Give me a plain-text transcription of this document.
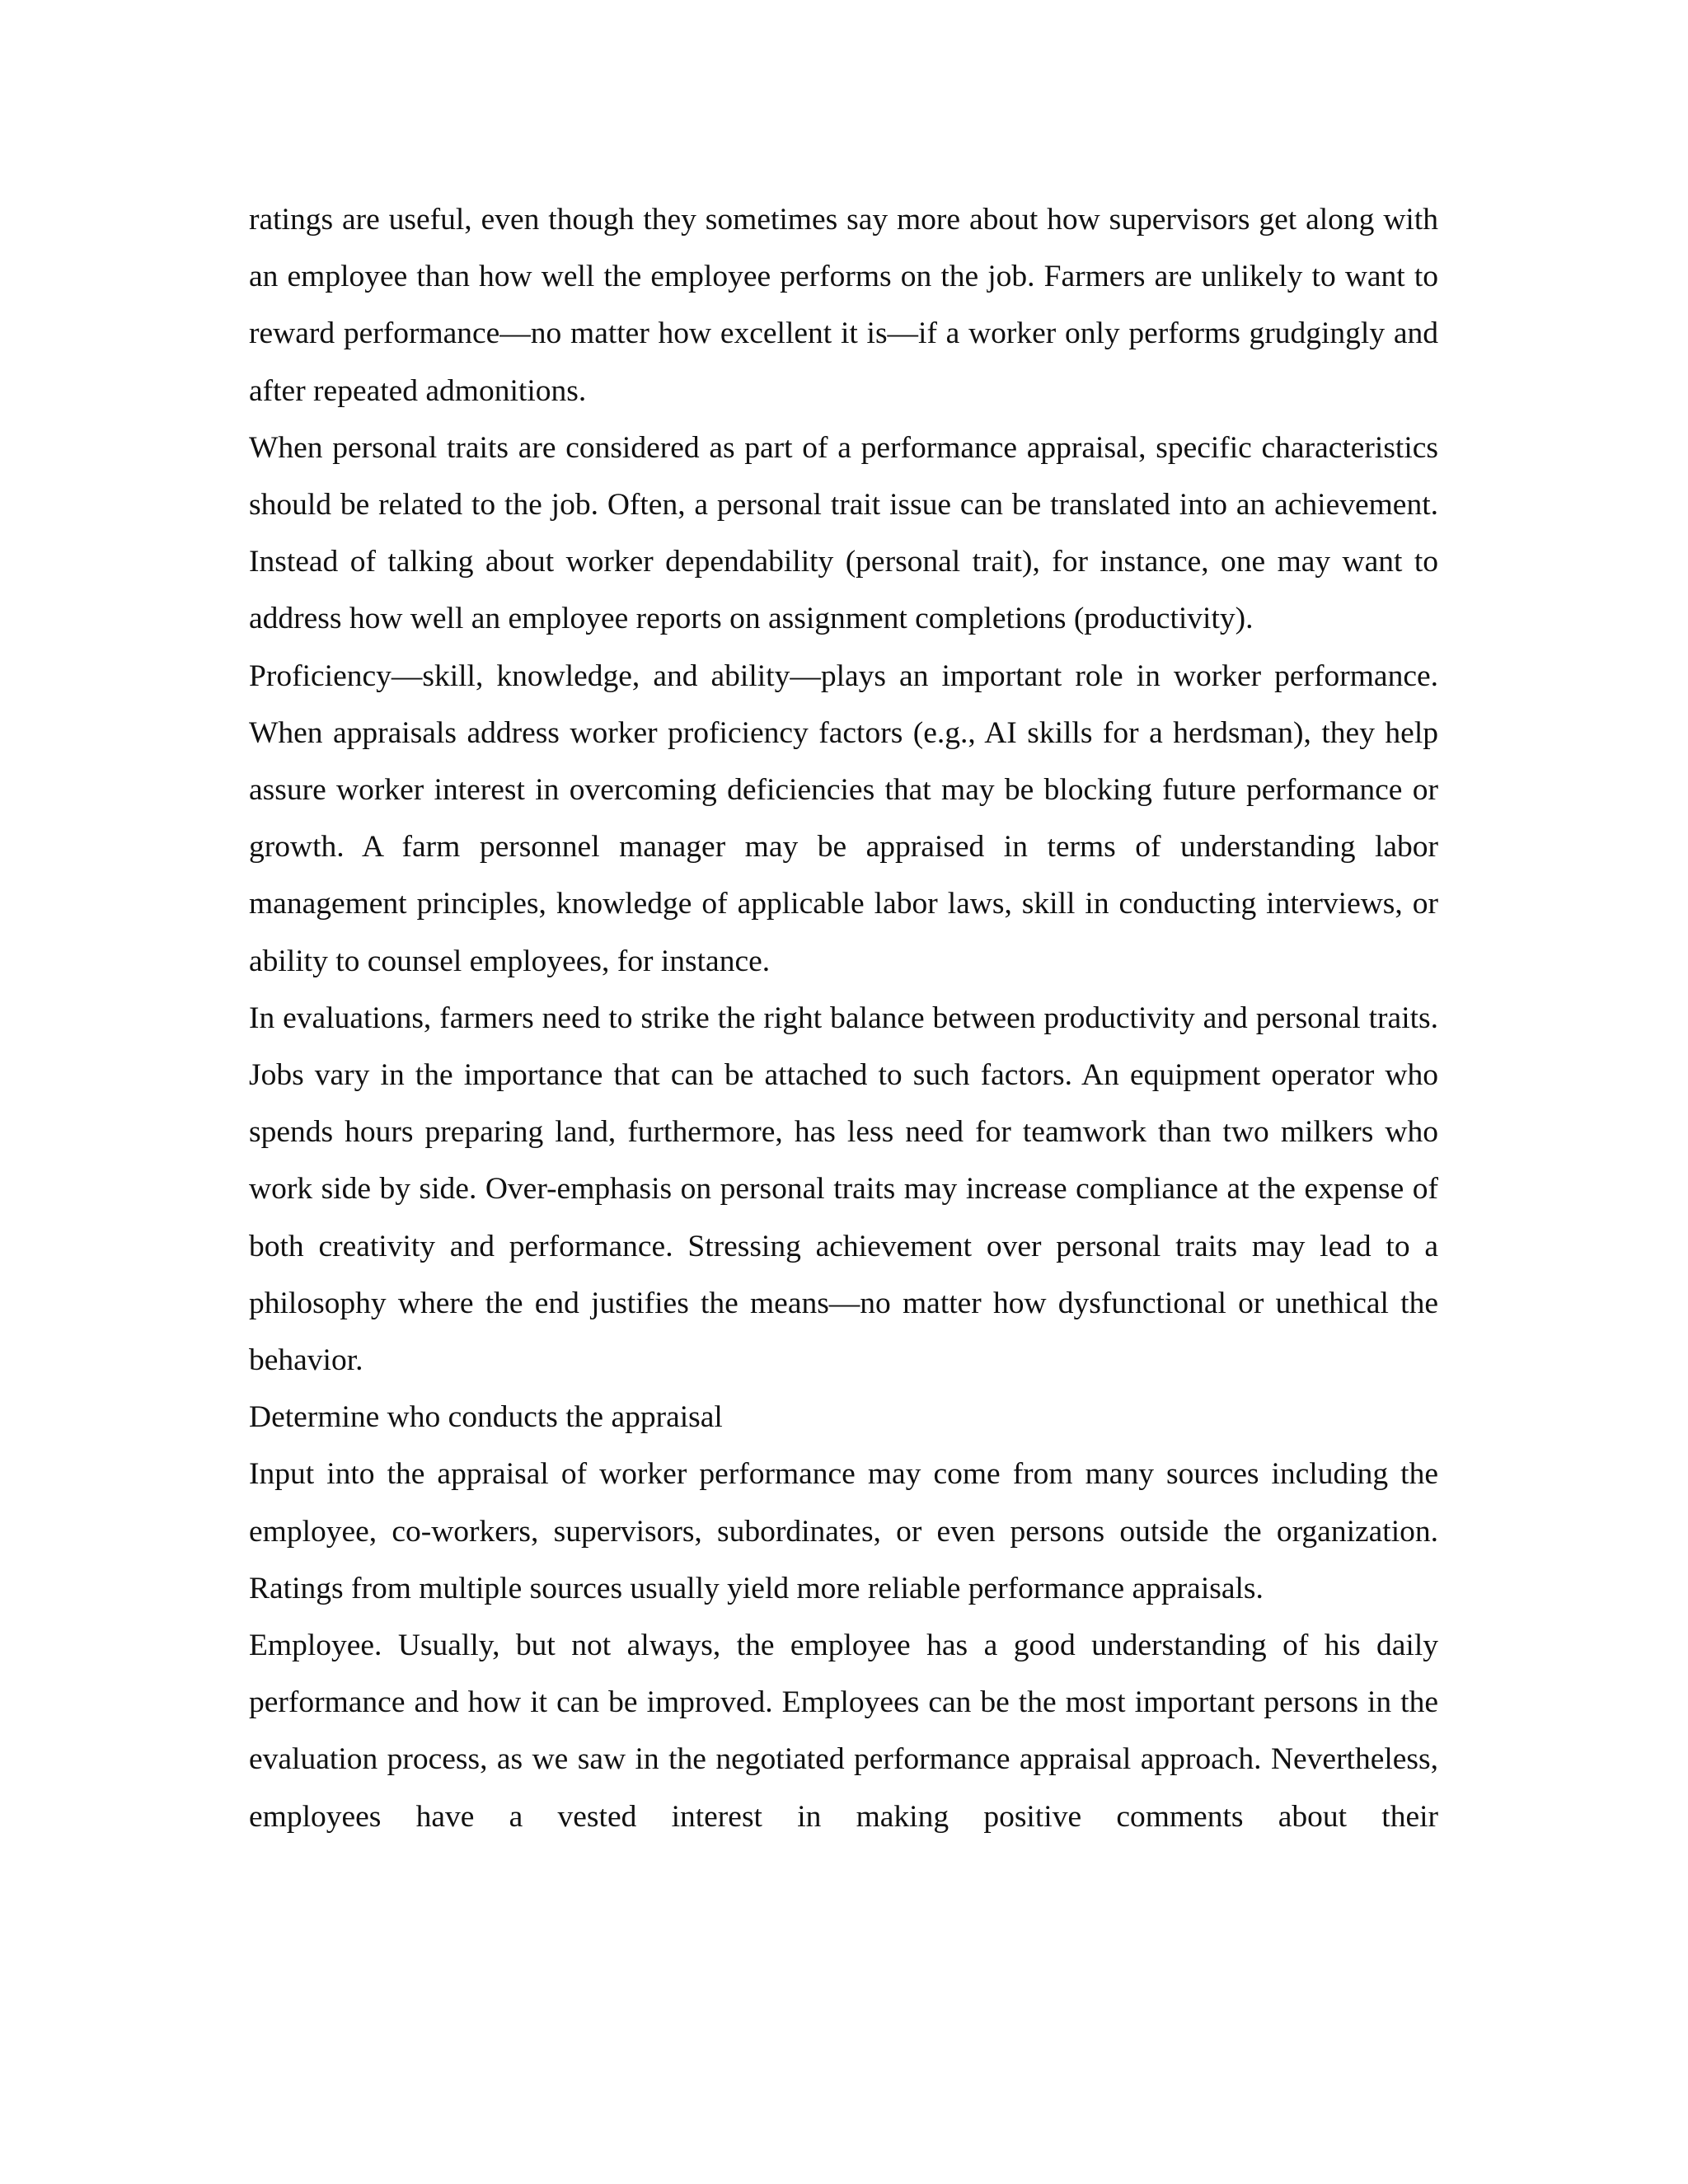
ratings are useful, even though they sometimes say more about how supervisors get along with an employee than how well the employee performs on the job. Farmers are unlikely to want to reward performance—no matter how excellent it is—if a worker only performs grudgingly and after repeated admonitions.

When personal traits are considered as part of a performance appraisal, specific characteristics should be related to the job. Often, a personal trait issue can be translated into an achievement. Instead of talking about worker dependability (personal trait), for instance, one may want to address how well an employee reports on assignment completions (productivity).

Proficiency—skill, knowledge, and ability—plays an important role in worker performance. When appraisals address worker proficiency factors (e.g., AI skills for a herdsman), they help assure worker interest in overcoming deficiencies that may be blocking future performance or growth. A farm personnel manager may be appraised in terms of understanding labor management principles, knowledge of applicable labor laws, skill in conducting interviews, or ability to counsel employees, for instance.

In evaluations, farmers need to strike the right balance between productivity and personal traits. Jobs vary in the importance that can be attached to such factors. An equipment operator who spends hours preparing land, furthermore, has less need for teamwork than two milkers who work side by side. Over-emphasis on personal traits may increase compliance at the expense of both creativity and performance. Stressing achievement over personal traits may lead to a philosophy where the end justifies the means—no matter how dysfunctional or unethical the behavior.

Determine who conducts the appraisal

Input into the appraisal of worker performance may come from many sources including the employee, co-workers, supervisors, subordinates, or even persons outside the organization. Ratings from multiple sources usually yield more reliable performance appraisals.

Employee. Usually, but not always, the employee has a good understanding of his daily performance and how it can be improved. Employees can be the most important persons in the evaluation process, as we saw in the negotiated performance appraisal approach. Nevertheless, employees have a vested interest in making positive comments about their
